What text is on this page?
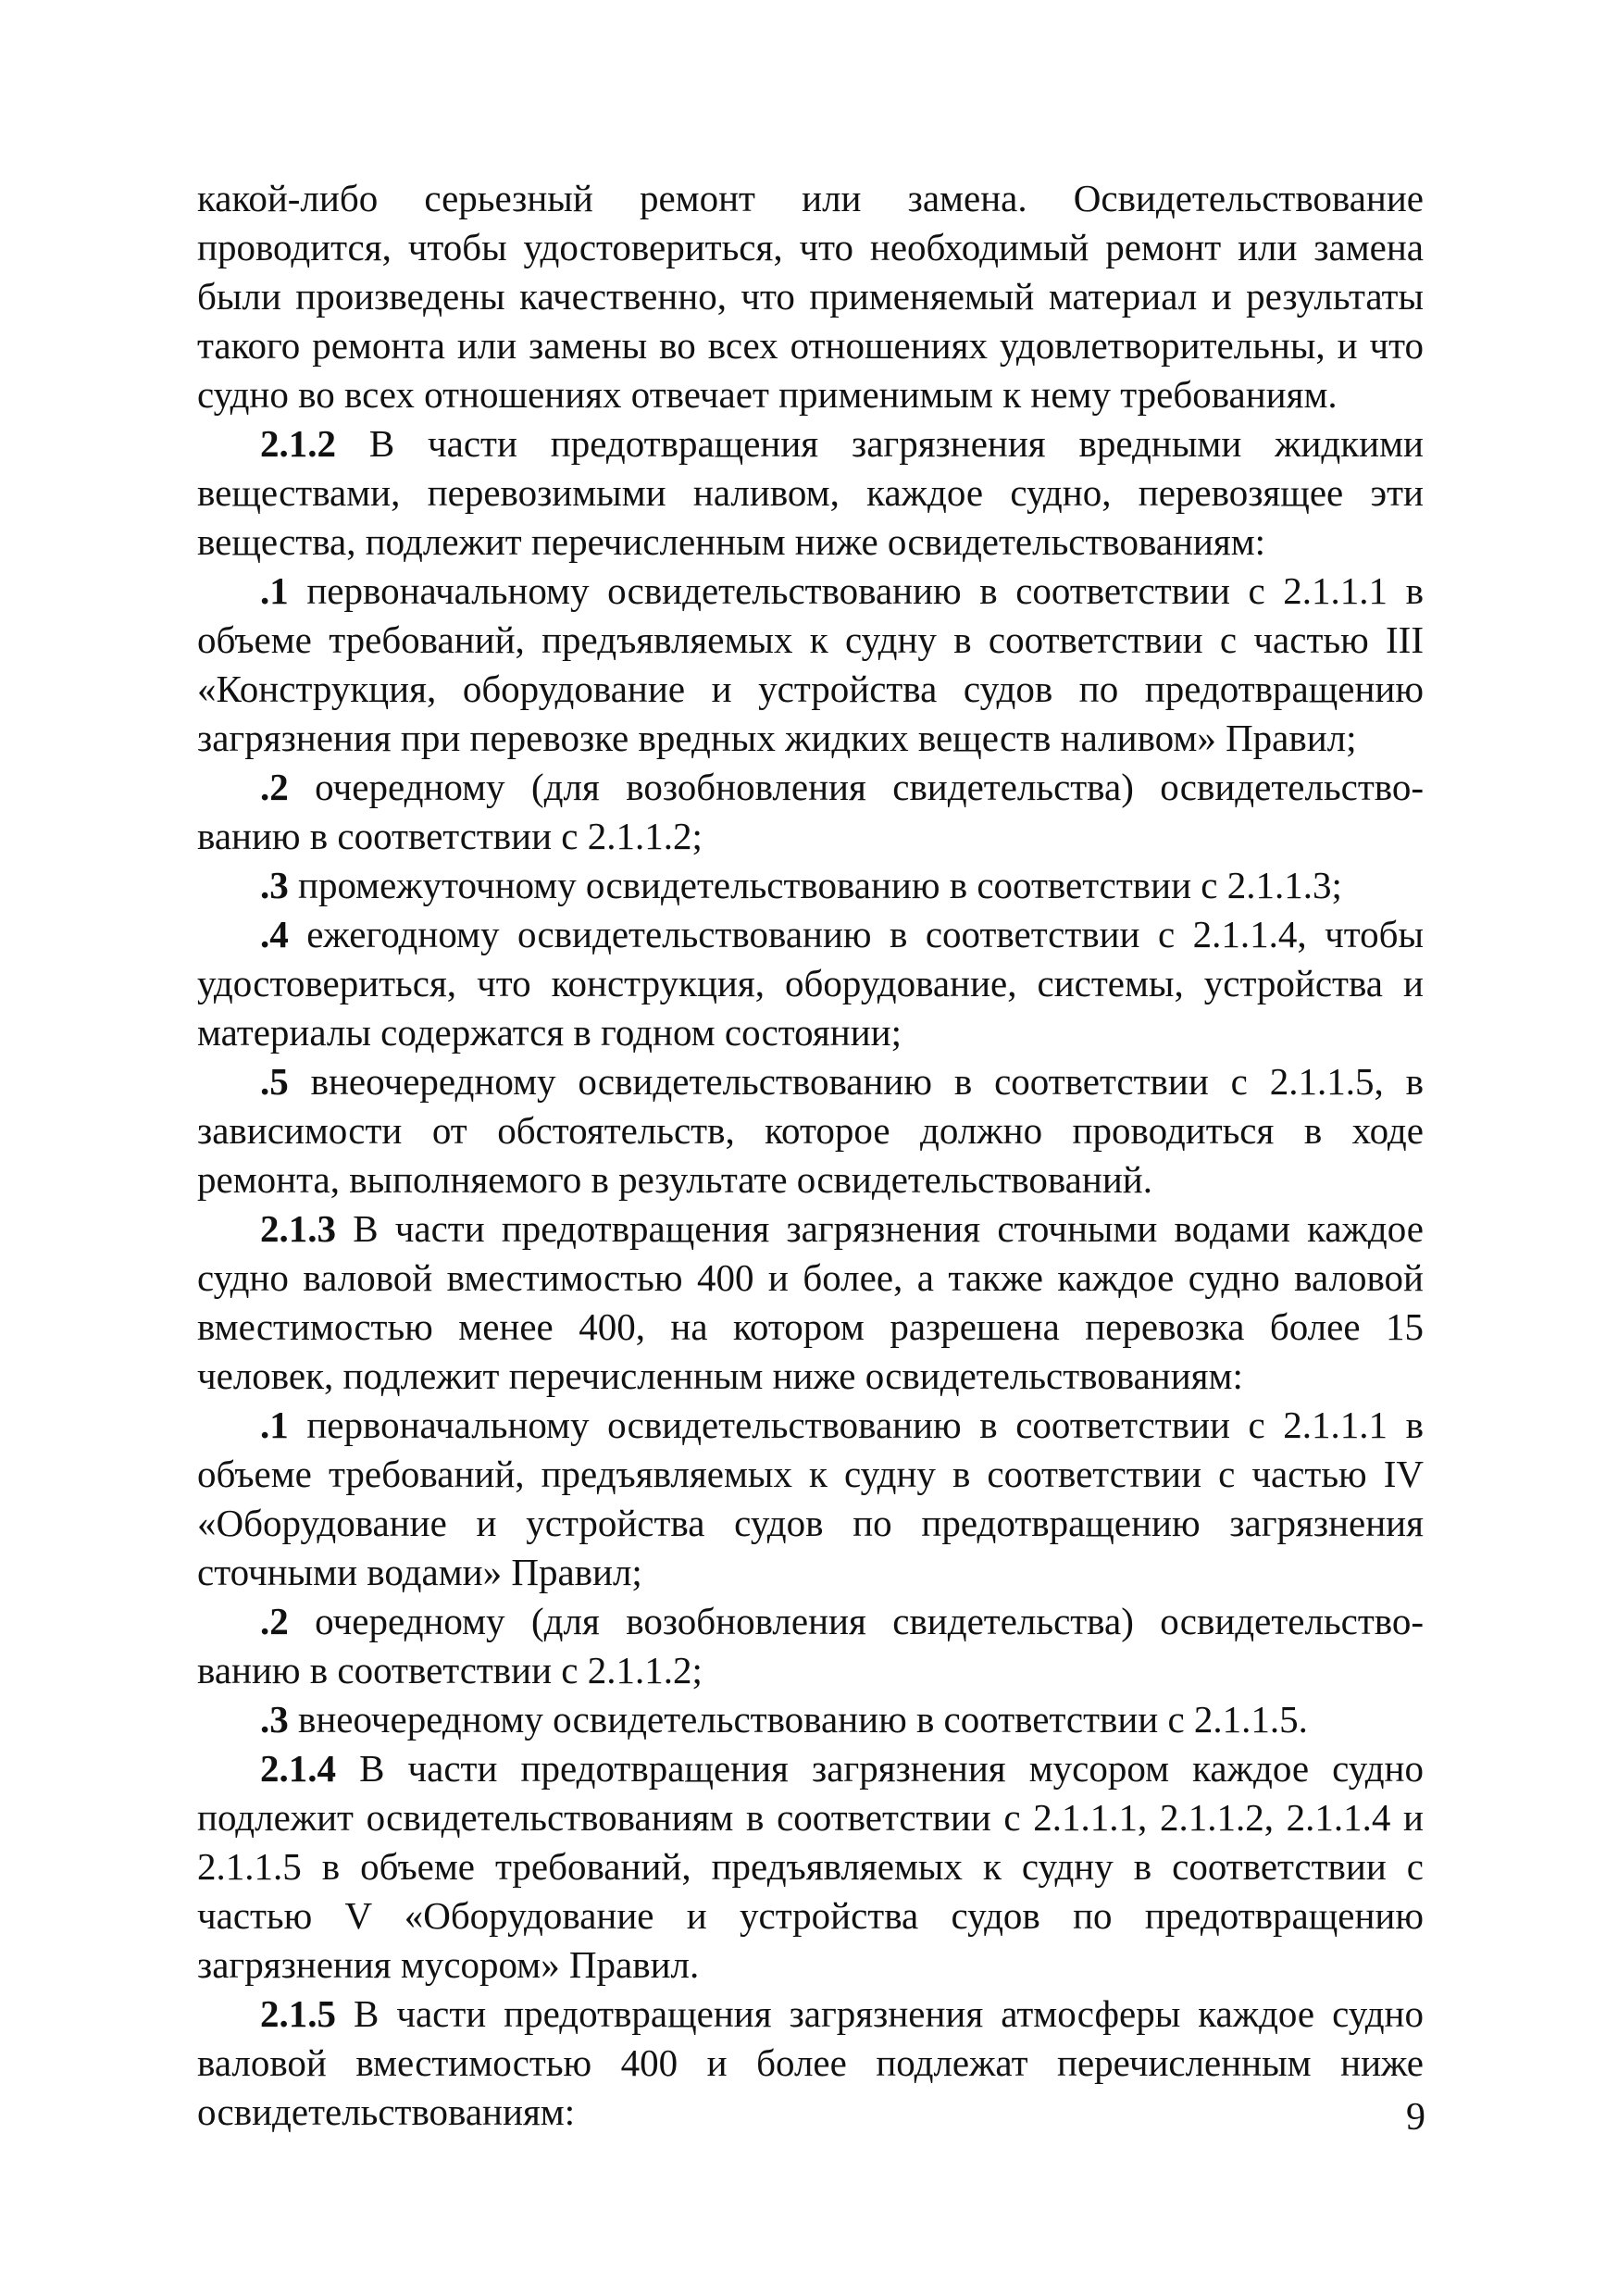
какой-либо серьезный ремонт или замена. Освидетельствование проводится, чтобы удостовериться, что необходимый ремонт или замена были произведены качественно, что применяемый материал и результаты такого ремонта или замены во всех отношениях удовлетворительны, и что судно во всех отношениях отвечает применимым к нему требованиям.

2.1.2 В части предотвращения загрязнения вредными жидкими веществами, перевозимыми наливом, каждое судно, перевозящее эти вещества, подлежит перечисленным ниже освидетельствованиям:

.1 первоначальному освидетельствованию в соответствии с 2.1.1.1 в объеме требований, предъявляемых к судну в соответствии с частью III «Конструкция, оборудование и устройства судов по предотвращению загрязнения при перевозке вредных жидких веществ наливом» Правил;

.2 очередному (для возобновления свидетельства) освидетельствованию в соответствии с 2.1.1.2;

.3 промежуточному освидетельствованию в соответствии с 2.1.1.3;

.4 ежегодному освидетельствованию в соответствии с 2.1.1.4, чтобы удостовериться, что конструкция, оборудование, системы, устройства и материалы содержатся в годном состоянии;

.5 внеочередному освидетельствованию в соответствии с 2.1.1.5, в зависимости от обстоятельств, которое должно проводиться в ходе ремонта, выполняемого в результате освидетельствований.

2.1.3 В части предотвращения загрязнения сточными водами каждое судно валовой вместимостью 400 и более, а также каждое судно валовой вместимостью менее 400, на котором разрешена перевозка более 15 человек, подлежит перечисленным ниже освидетельствованиям:

.1 первоначальному освидетельствованию в соответствии с 2.1.1.1 в объеме требований, предъявляемых к судну в соответствии с частью IV «Оборудование и устройства судов по предотвращению загрязнения сточными водами» Правил;

.2 очередному (для возобновления свидетельства) освидетельствованию в соответствии с 2.1.1.2;

.3 внеочередному освидетельствованию в соответствии с 2.1.1.5.

2.1.4 В части предотвращения загрязнения мусором каждое судно подлежит освидетельствованиям в соответствии с 2.1.1.1, 2.1.1.2, 2.1.1.4 и 2.1.1.5 в объеме требований, предъявляемых к судну в соответствии с частью V «Оборудование и устройства судов по предотвращению загрязнения мусором» Правил.

2.1.5 В части предотвращения загрязнения атмосферы каждое судно валовой вместимостью 400 и более подлежат перечисленным ниже освидетельствованиям:	9
